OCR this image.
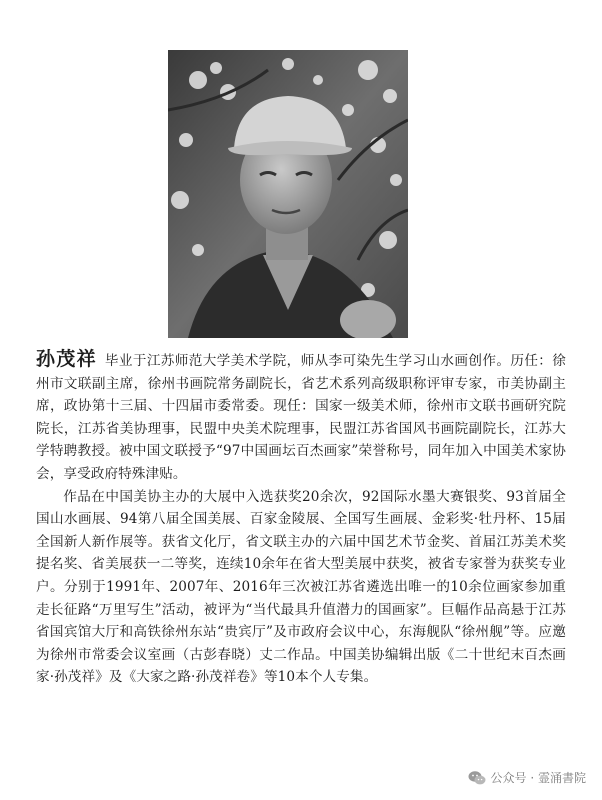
孙茂祥 毕业于江苏师范大学美术学院，师从李可染先生学习山水画创作。历任：徐州市文联副主席，徐州书画院常务副院长，省艺术系列高级职称评审专家，市美协副主席，政协第十三届、十四届市委常委。现任：国家一级美术师，徐州市文联书画研究院院长，江苏省美协理事，民盟中央美术院理事，民盟江苏省国风书画院副院长，江苏大学特聘教授。被中国文联授予“97中国画坛百杰画家”荣誉称号，同年加入中国美术家协会，享受政府特殊津贴。

作品在中国美协主办的大展中入选获奖20余次，92国际水墨大赛银奖、93首届全国山水画展、94第八届全国美展、百家金陵展、全国写生画展、金彩奖·牡丹杯、15届全国新人新作展等。获省文化厅，省文联主办的六届中国艺术节金奖、首届江苏美术奖提名奖、省美展获一二等奖，连续10余年在省大型美展中获奖，被省专家誉为获奖专业户。分别于1991年、2007年、2016年三次被江苏省遴选出唯一的10余位画家参加重走长征路“万里写生”活动，被评为“当代最具升值潜力的国画家”。巨幅作品高悬于江苏省国宾馆大厅和高铁徐州东站“贵宾厅”及市政府会议中心，东海舰队“徐州舰”等。应邀为徐州市常委会议室画（古彭春晓）丈二作品。中国美协编辑出版《二十世纪末百杰画家·孙茂祥》及《大家之路·孙茂祥卷》等10本个人专集。

公众号 · 霊涌書院
